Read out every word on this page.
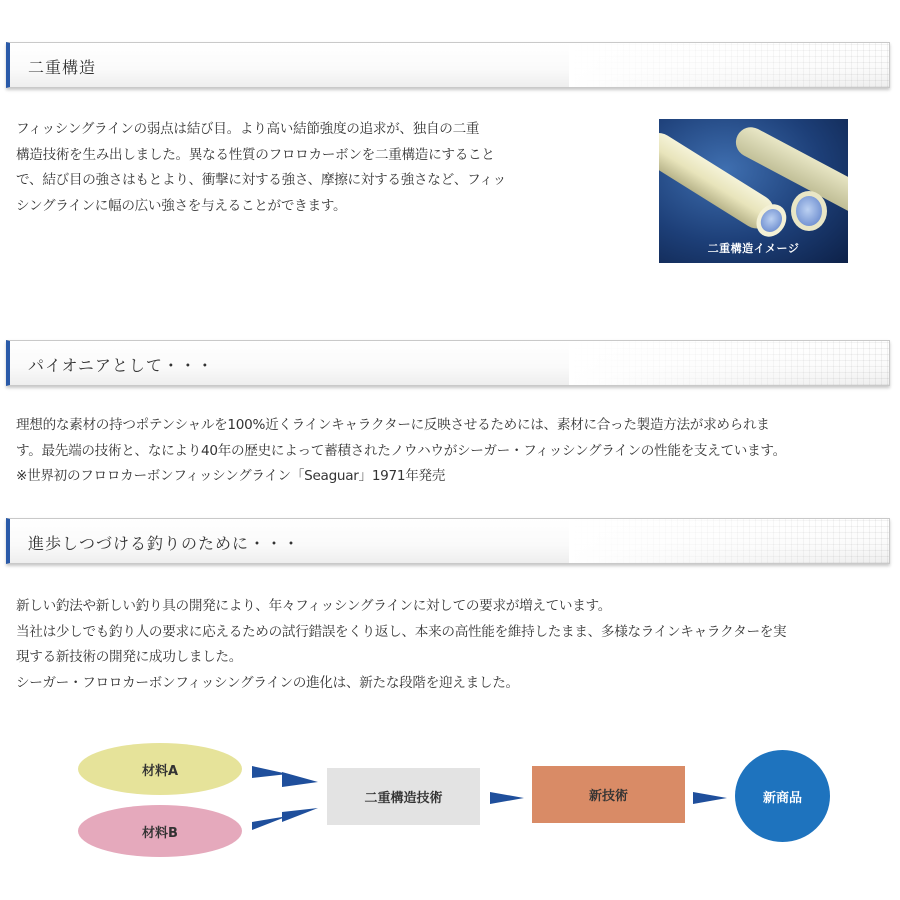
二重構造

フィッシングラインの弱点は結び目。より高い結節強度の追求が、独自の二重
構造技術を生み出しました。異なる性質のフロロカーボンを二重構造にすること
で、結び目の強さはもとより、衝撃に対する強さ、摩擦に対する強さなど、フィッ
シングラインに幅の広い強さを与えることができます。

二重構造イメージ
パイオニアとして・・・

理想的な素材の持つポテンシャルを100%近くラインキャラクターに反映させるためには、素材に合った製造方法が求められま
す。最先端の技術と、なにより40年の歴史によって蓄積されたノウハウがシーガー・フィッシングラインの性能を支えています。
※世界初のフロロカーボンフィッシングライン「Seaguar」1971年発売

進歩しつづける釣りのために・・・

新しい釣法や新しい釣り具の開発により、年々フィッシングラインに対しての要求が増えています。
当社は少しでも釣り人の要求に応えるための試行錯誤をくり返し、本来の高性能を維持したまま、多様なラインキャラクターを実
現する新技術の開発に成功しました。
シーガー・フロロカーボンフィッシングラインの進化は、新たな段階を迎えました。

材料A
材料B
二重構造技術	新技術	新商品
